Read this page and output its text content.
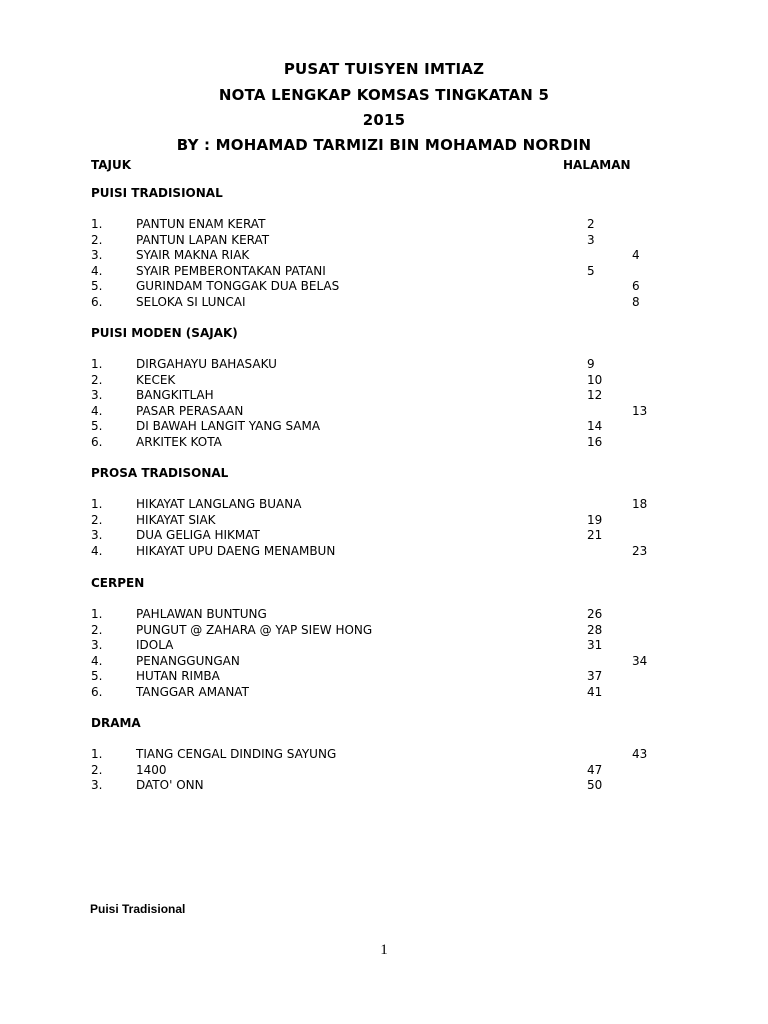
PUSAT TUISYEN IMTIAZ
NOTA LENGKAP KOMSAS TINGKATAN 5
2015
BY : MOHAMAD TARMIZI BIN MOHAMAD NORDIN
TAJUK	HALAMAN
PUISI TRADISIONAL
1.	PANTUN ENAM KERAT	2
2.	PANTUN LAPAN KERAT	3
3.	SYAIR MAKNA RIAK	4
4.	SYAIR PEMBERONTAKAN PATANI	5
5.	GURINDAM TONGGAK DUA BELAS	6
6.	SELOKA SI LUNCAI	8
PUISI MODEN (SAJAK)
1.	DIRGAHAYU BAHASAKU	9
2.	KECEK	10
3.	BANGKITLAH	12
4.	PASAR PERASAAN	13
5.	DI BAWAH LANGIT YANG SAMA	14
6.	ARKITEK KOTA	16
PROSA TRADISONAL
1.	HIKAYAT LANGLANG BUANA	18
2.	HIKAYAT SIAK	19
3.	DUA GELIGA HIKMAT	21
4.	HIKAYAT UPU DAENG MENAMBUN	23
CERPEN
1.	PAHLAWAN BUNTUNG	26
2.	PUNGUT @ ZAHARA @ YAP SIEW HONG	28
3.	IDOLA	31
4.	PENANGGUNGAN	34
5.	HUTAN RIMBA	37
6.	TANGGAR AMANAT	41
DRAMA
1.	TIANG CENGAL DINDING SAYUNG	43
2.	1400	47
3.	DATO' ONN	50
Puisi Tradisional
1
